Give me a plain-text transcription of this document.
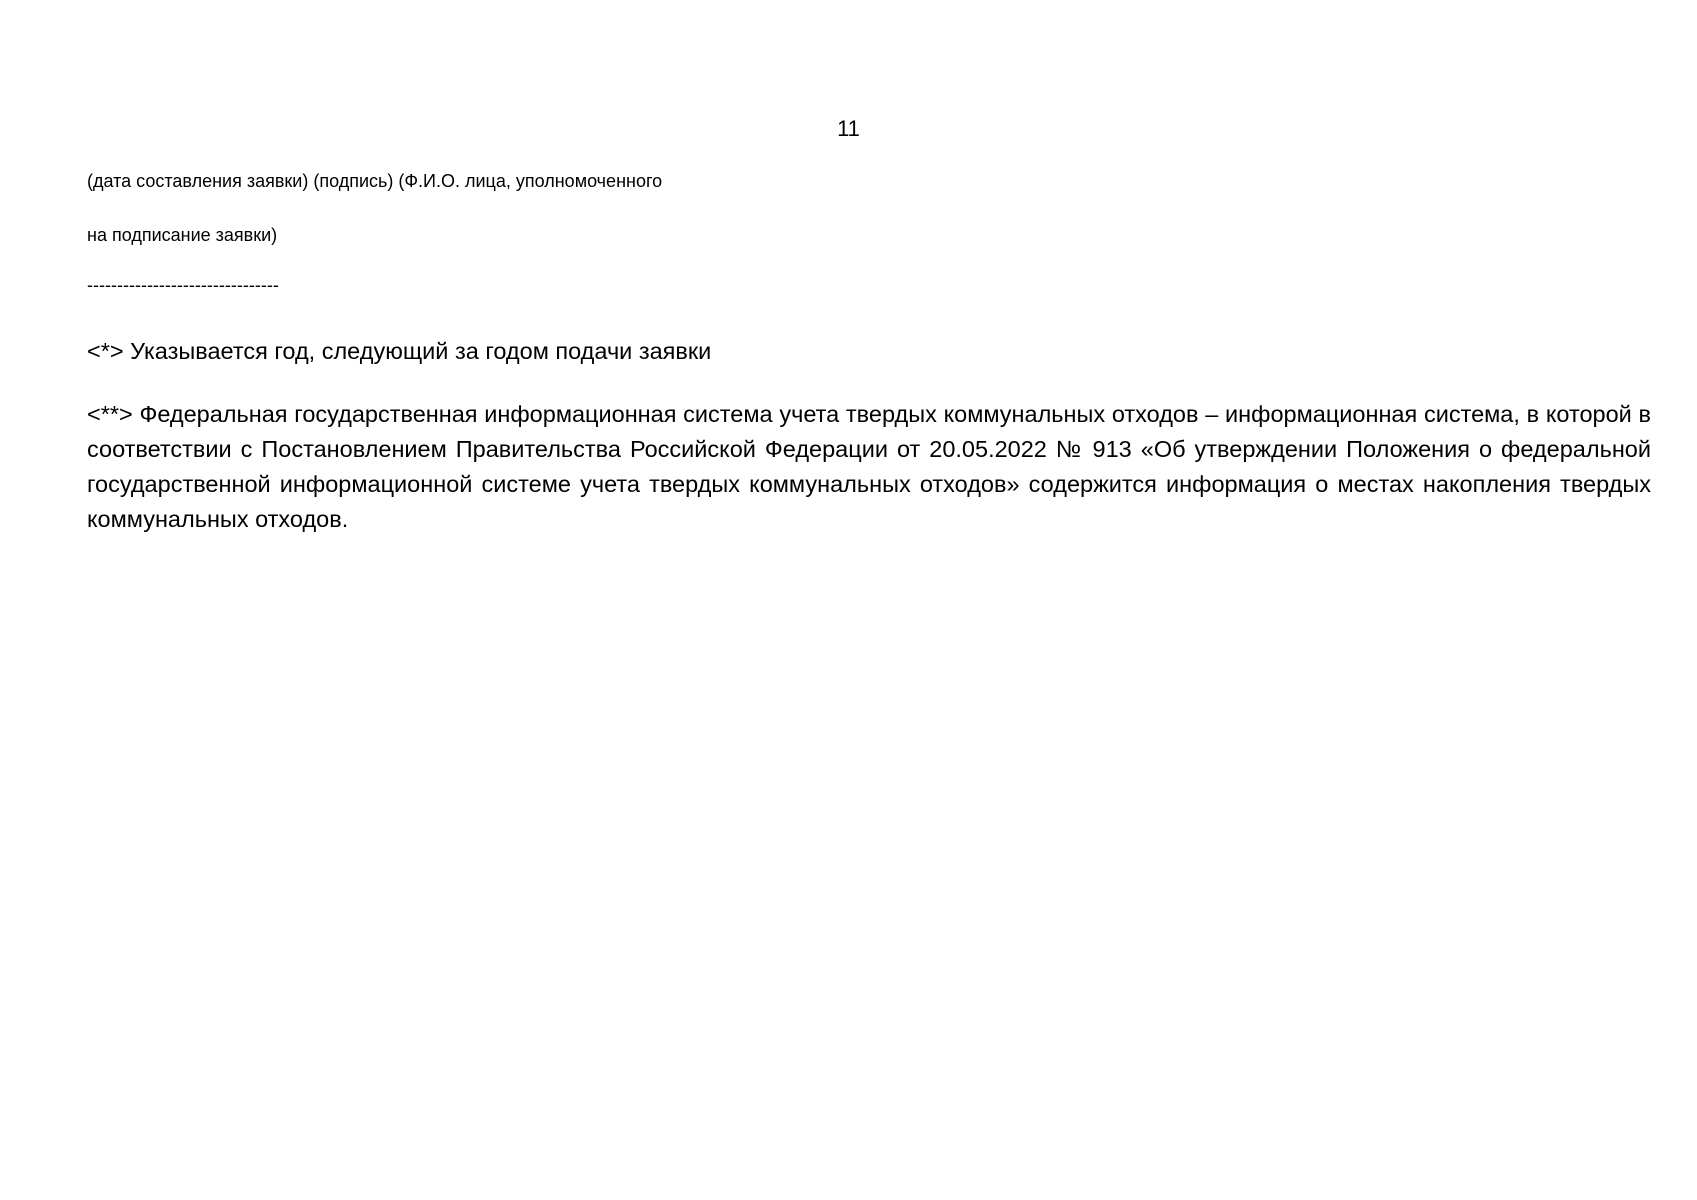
11

(дата составления заявки) (подпись) (Ф.И.О. лица, уполномоченного

на подписание заявки)

--------------------------------

<*> Указывается год, следующий за годом подачи заявки

<**> Федеральная государственная информационная система учета твердых коммунальных отходов – информационная система, в которой в соответствии с Постановлением Правительства Российской Федерации от 20.05.2022 № 913 «Об утверждении Положения о федеральной государственной информационной системе учета твердых коммунальных отходов» содержится информация о местах накопления твердых коммунальных отходов.
